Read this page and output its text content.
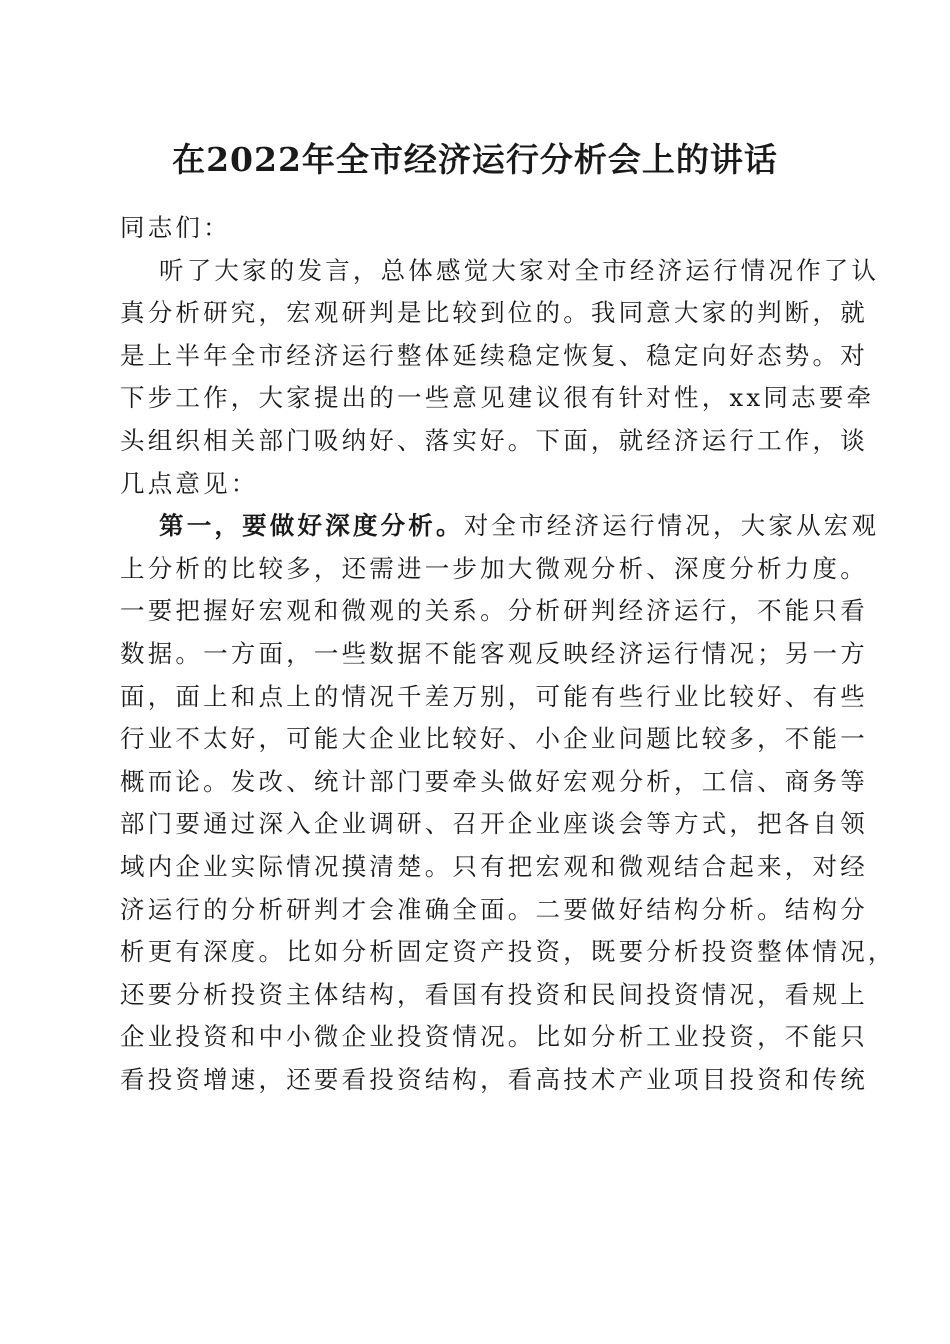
在2022年全市经济运行分析会上的讲话
同志们：
听了大家的发言，总体感觉大家对全市经济运行情况作了认
真分析研究，宏观研判是比较到位的。我同意大家的判断，就
是上半年全市经济运行整体延续稳定恢复、稳定向好态势。对
下步工作，大家提出的一些意见建议很有针对性，xx同志要牵
头组织相关部门吸纳好、落实好。下面，就经济运行工作，谈
几点意见：
第一，要做好深度分析。对全市经济运行情况，大家从宏观
上分析的比较多，还需进一步加大微观分析、深度分析力度。
一要把握好宏观和微观的关系。分析研判经济运行，不能只看
数据。一方面，一些数据不能客观反映经济运行情况；另一方
面，面上和点上的情况千差万别，可能有些行业比较好、有些
行业不太好，可能大企业比较好、小企业问题比较多，不能一
概而论。发改、统计部门要牵头做好宏观分析，工信、商务等
部门要通过深入企业调研、召开企业座谈会等方式，把各自领
域内企业实际情况摸清楚。只有把宏观和微观结合起来，对经
济运行的分析研判才会准确全面。二要做好结构分析。结构分
析更有深度。比如分析固定资产投资，既要分析投资整体情况，
还要分析投资主体结构，看国有投资和民间投资情况，看规上
企业投资和中小微企业投资情况。比如分析工业投资，不能只
看投资增速，还要看投资结构，看高技术产业项目投资和传统
